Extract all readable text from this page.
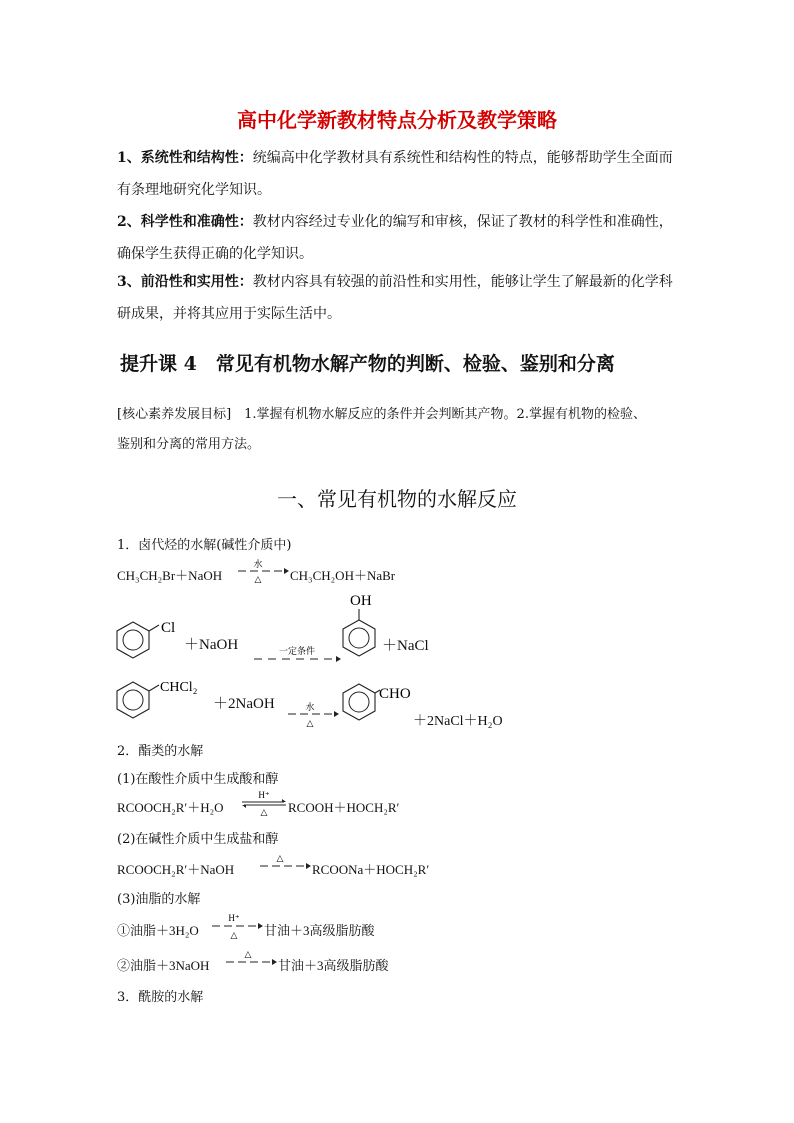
高中化学新教材特点分析及教学策略
1、系统性和结构性：统编高中化学教材具有系统性和结构性的特点，能够帮助学生全面而
有条理地研究化学知识。
2、科学性和准确性：教材内容经过专业化的编写和审核，保证了教材的科学性和准确性，
确保学生获得正确的化学知识。
3、前沿性和实用性：教材内容具有较强的前沿性和实用性，能够让学生了解最新的化学科
研成果，并将其应用于实际生活中。
提升课 4　常见有机物水解产物的判断、检验、鉴别和分离
[核心素养发展目标]　1.掌握有机物水解反应的条件并会判断其产物。2.掌握有机物的检验、
鉴别和分离的常用方法。
一、常见有机物的水解反应
1．卤代烃的水解(碱性介质中)
CH₃CH₂Br＋NaOH
水
△ CH₃CH₂OH＋NaBr
Cl
＋NaOH	一定条件
OH
＋NaCl
CHCl₂
＋2NaOH	水
△
CHO
＋2NaCl＋H₂O
2．酯类的水解
(1)在酸性介质中生成酸和醇
RCOOCH₂R′＋H₂O
H⁺
△ RCOOH＋HOCH₂R′
(2)在碱性介质中生成盐和醇
RCOOCH₂R′＋NaOH
△
RCOONa＋HOCH₂R′
(3)油脂的水解
①油脂＋3H₂O
H⁺
△ 甘油＋3高级脂肪酸
②油脂＋3NaOH
△
甘油＋3高级脂肪酸
3．酰胺的水解
